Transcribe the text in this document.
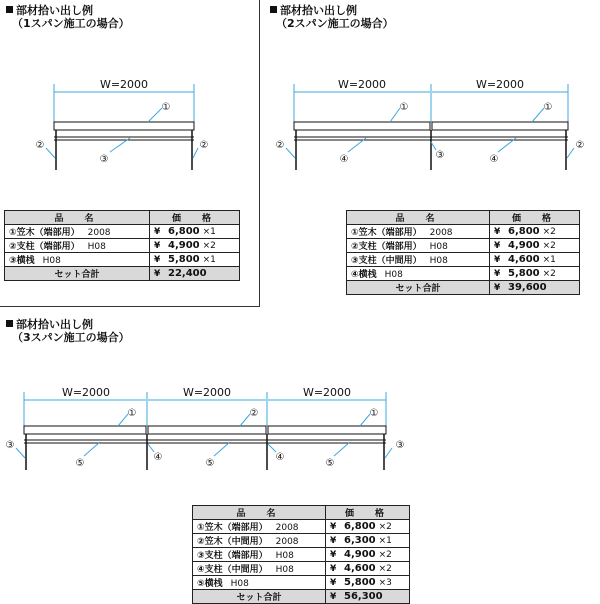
部材拾い出し例
（1スパン施工の場合）
W=2000
①
②	②
③
品　名	価　格
①笠木（端部用） 2008	¥ 6,800 ×1
②支柱（端部用） H08	¥ 4,900 ×2
③横桟 H08	¥ 5,800 ×1
セット合計	¥ 22,400
部材拾い出し例
（2スパン施工の場合）
W=2000	W=2000
①	①
②	②
③
④	④
品　名	価　格
①笠木（端部用） 2008	¥ 6,800 ×2
②支柱（端部用） H08	¥ 4,900 ×2
③支柱（中間用） H08	¥ 4,600 ×1
④横桟 H08	¥ 5,800 ×2
セット合計	¥ 39,600
部材拾い出し例
（3スパン施工の場合）
W=2000	W=2000	W=2000
①	②	①
③	③
④	④
⑤	⑤	⑤
品　名	価　格
①笠木（端部用） 2008	¥ 6,800 ×2
②笠木（中間用） 2008	¥ 6,300 ×1
③支柱（端部用） H08	¥ 4,900 ×2
④支柱（中間用） H08	¥ 4,600 ×2
⑤横桟 H08	¥ 5,800 ×3
セット合計	¥ 56,300
